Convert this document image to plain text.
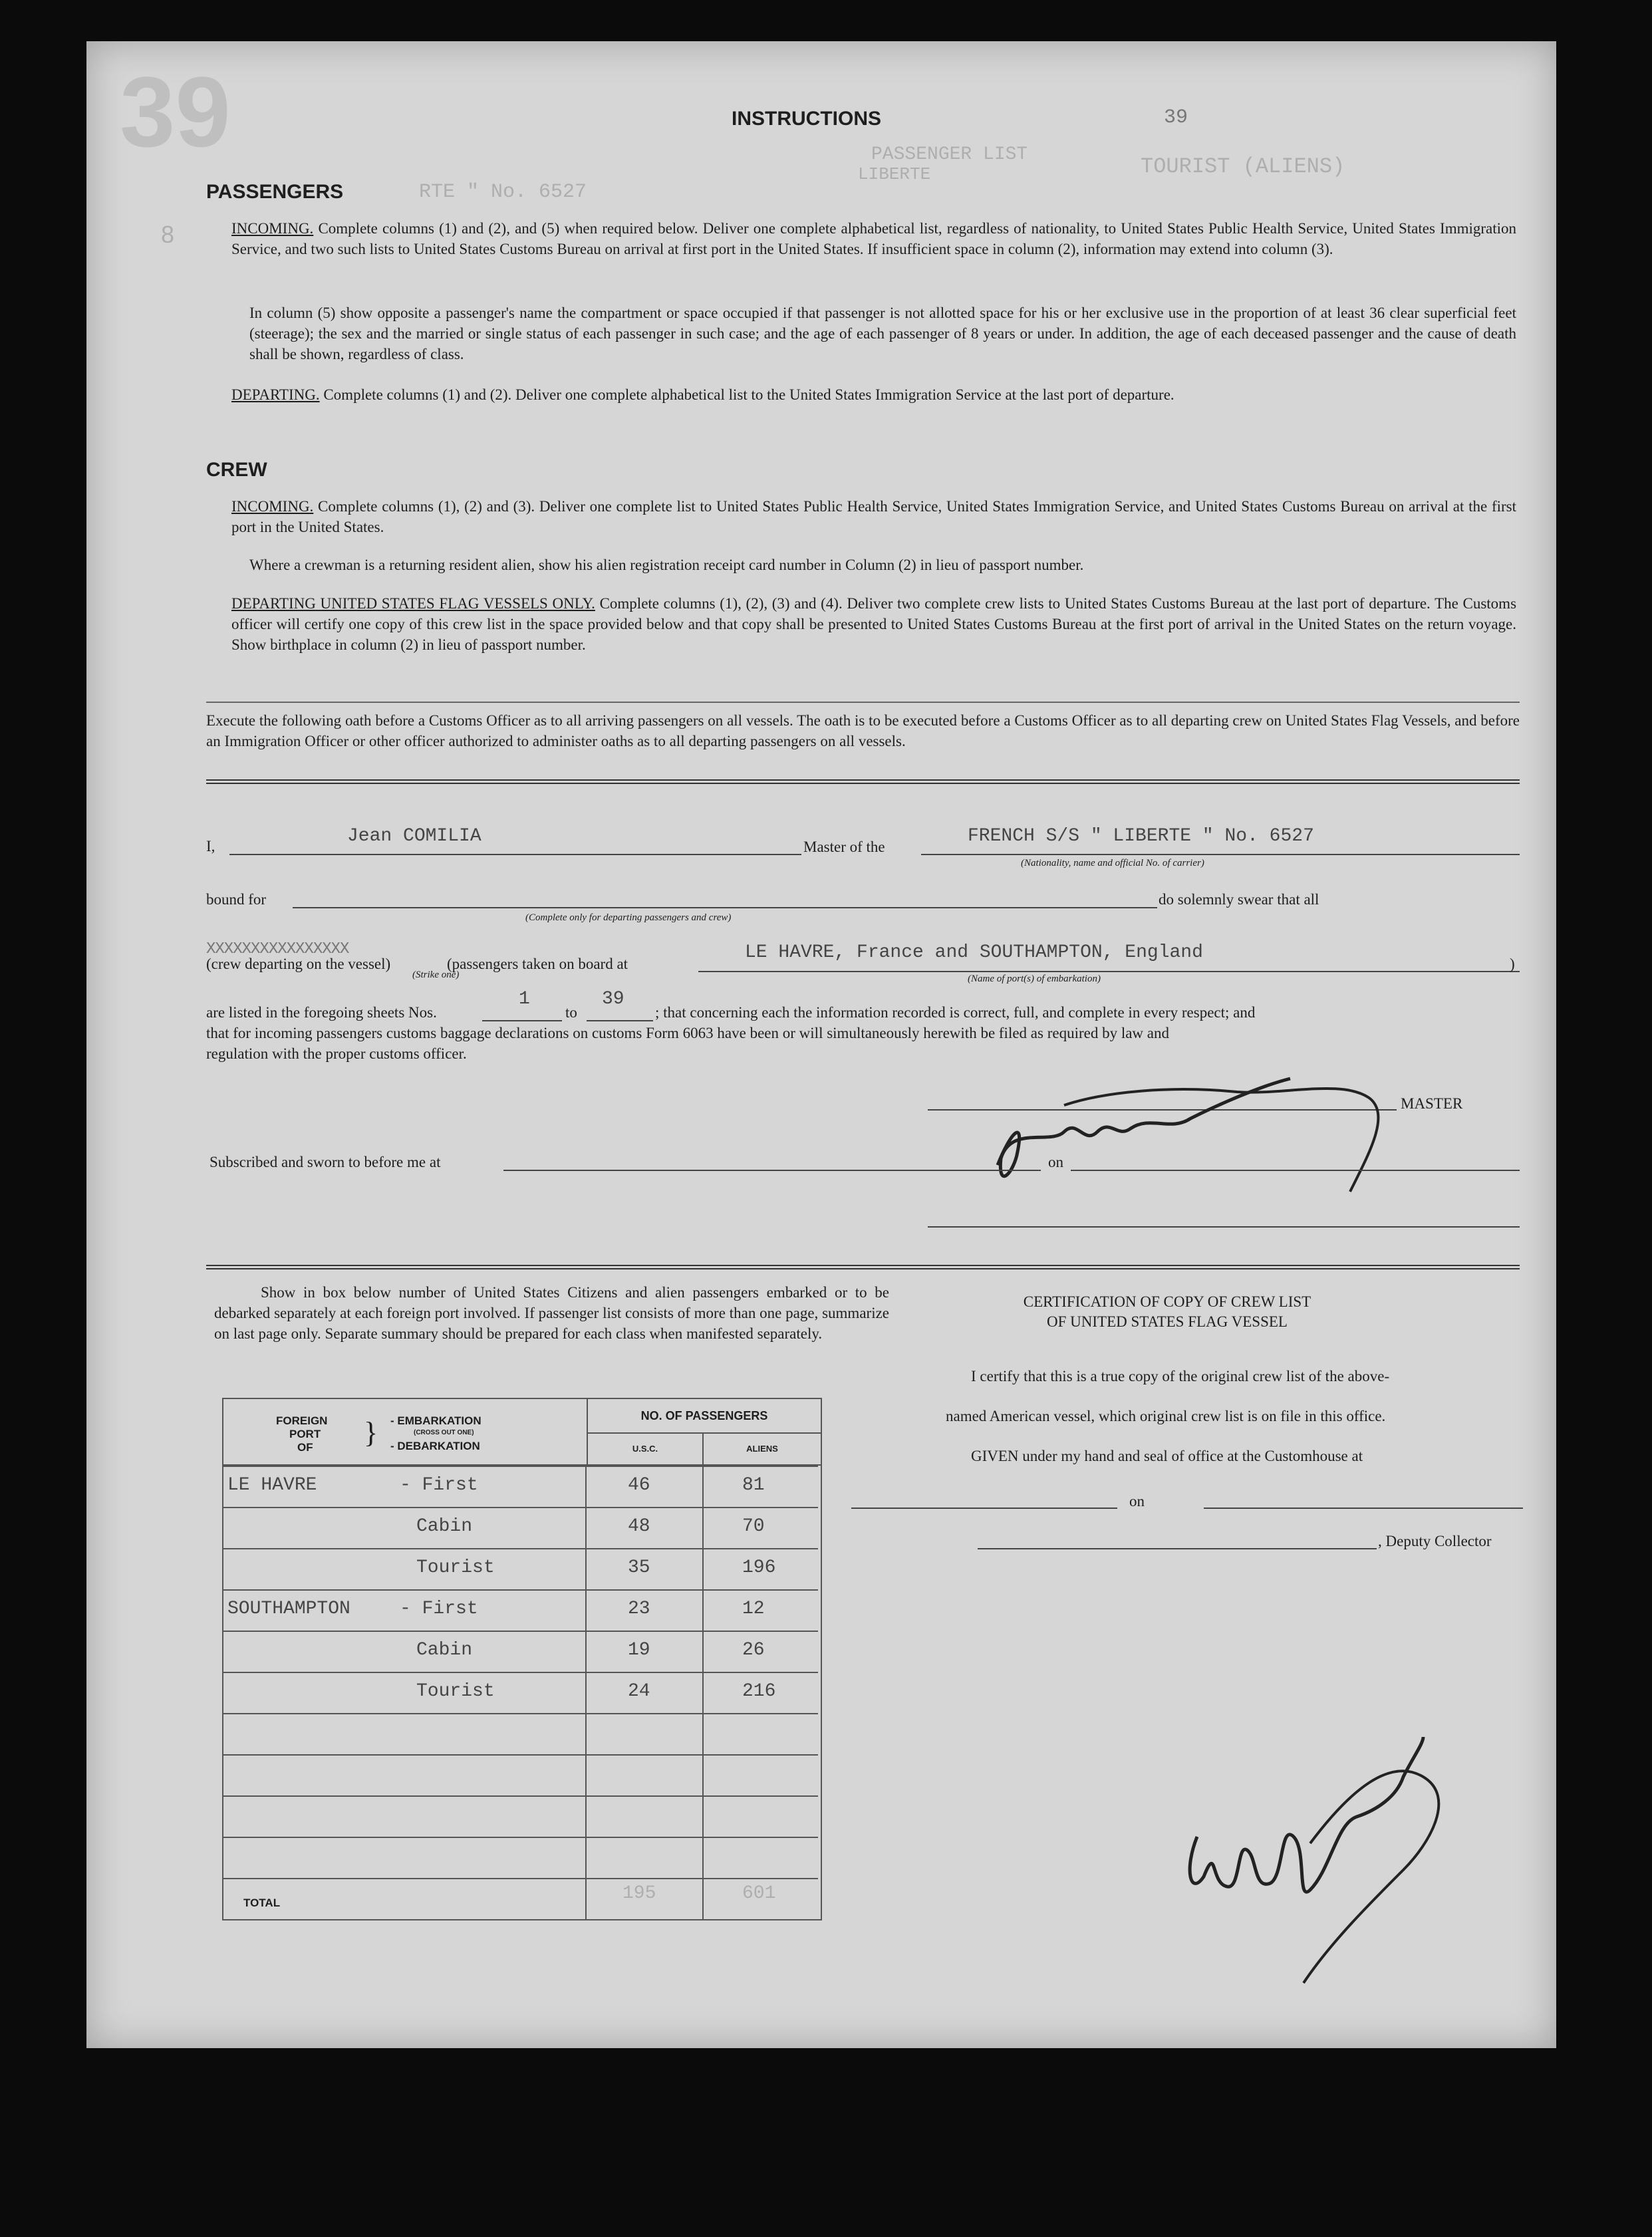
39
8
INSTRUCTIONS
PASSENGER LIST
LIBERTE
39
TOURIST (ALIENS)
RTE " No. 6527
PASSENGERS
INCOMING. Complete columns (1) and (2), and (5) when required below. Deliver one complete alphabetical list, regardless of nationality, to United States Public Health Service, United States Immigration Service, and two such lists to United States Customs Bureau on arrival at first port in the United States. If insufficient space in column (2), information may extend into column (3).
In column (5) show opposite a passenger's name the compartment or space occupied if that passenger is not allotted space for his or her exclusive use in the proportion of at least 36 clear superficial feet (steerage); the sex and the married or single status of each passenger in such case; and the age of each passenger of 8 years or under. In addition, the age of each deceased passenger and the cause of death shall be shown, regardless of class.
DEPARTING. Complete columns (1) and (2). Deliver one complete alphabetical list to the United States Immigration Service at the last port of departure.
CREW
INCOMING. Complete columns (1), (2) and (3). Deliver one complete list to United States Public Health Service, United States Immigration Service, and United States Customs Bureau on arrival at the first port in the United States.
Where a crewman is a returning resident alien, show his alien registration receipt card number in Column (2) in lieu of passport number.
DEPARTING UNITED STATES FLAG VESSELS ONLY. Complete columns (1), (2), (3) and (4). Deliver two complete crew lists to United States Customs Bureau at the last port of departure. The Customs officer will certify one copy of this crew list in the space provided below and that copy shall be presented to United States Customs Bureau at the first port of arrival in the United States on the return voyage. Show birthplace in column (2) in lieu of passport number.
Execute the following oath before a Customs Officer as to all arriving passengers on all vessels. The oath is to be executed before a Customs Officer as to all departing crew on United States Flag Vessels, and before an Immigration Officer or other officer authorized to administer oaths as to all departing passengers on all vessels.
I,	Jean COMILIA
Master of the
FRENCH S/S " LIBERTE " No. 6527
(Nationality, name and official No. of carrier)
bound for
(Complete only for departing passengers and crew)
do solemnly swear that all
XXXXXXXXXXXXXXXX
(crew departing on the vessel)
(Strike one)
(passengers taken on board at
LE HAVRE, France and SOUTHAMPTON, England
(Name of port(s) of embarkation)
)
are listed in the foregoing sheets Nos.
1
to
39
; that concerning each the information recorded is correct, full, and complete in every respect; and
that for incoming passengers customs baggage declarations on customs Form 6063 have been or will simultaneously herewith be filed as required by law and
regulation with the proper customs officer.
MASTER
Subscribed and sworn to before me at	on
Show in box below number of United States Citizens and alien passengers embarked or to be debarked separately at each foreign port involved. If passenger list consists of more than one page, summarize on last page only. Separate summary should be prepared for each class when manifested separately.
FOREIGN
PORT
OF } - EMBARKATION
(CROSS OUT ONE)
- DEBARKATION

NO. OF PASSENGERS
U.S.C.	ALIENS
LE HAVRE	- First	46	81
Cabin	48	70
Tourist	35	196
SOUTHAMPTON	- First	23	12
Cabin	19	26
Tourist	24	216
TOTAL	195	601
CERTIFICATION OF COPY OF CREW LIST
OF UNITED STATES FLAG VESSEL
I certify that this is a true copy of the original crew list of the above-
named American vessel, which original crew list is on file in this office.
GIVEN under my hand and seal of office at the Customhouse at
on
, Deputy Collector
